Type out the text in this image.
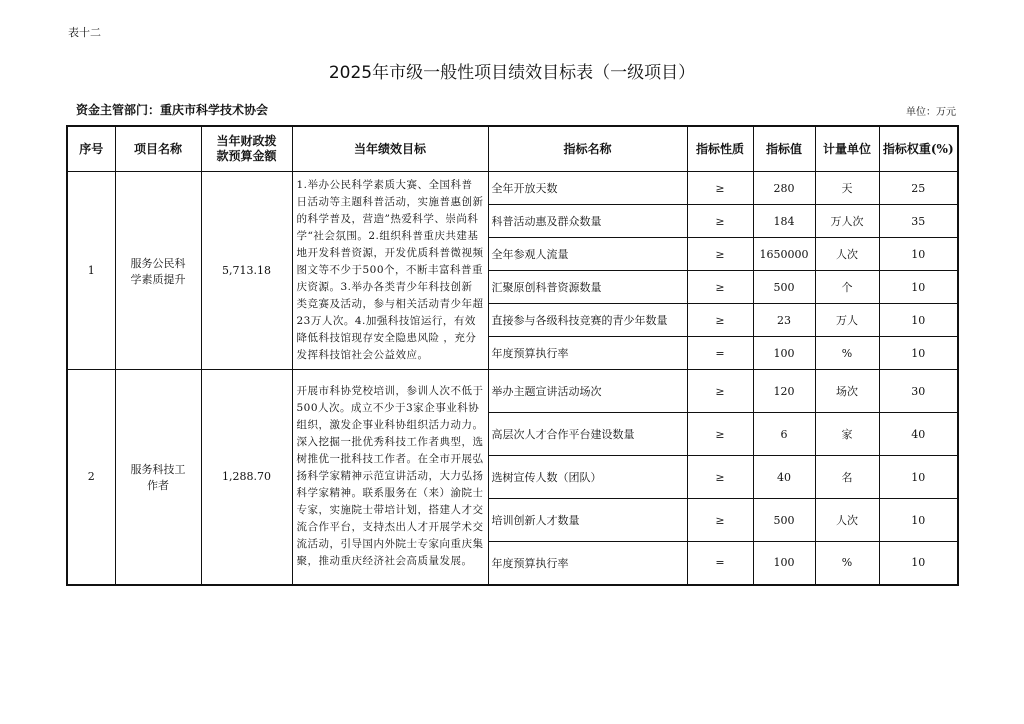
表十二
2025年市级一般性项目绩效目标表（一级项目）
资金主管部门：重庆市科学技术协会	单位：万元
序号	项目名称	当年财政拨款预算金额	当年绩效目标	指标名称	指标性质	指标值	计量单位	指标权重(%)
1	服务公民科学素质提升	5,713.18	1.举办公民科学素质大赛、全国科普日活动等主题科普活动，实施普惠创新的科学普及，营造”热爱科学、崇尚科学“社会氛围。2.组织科普重庆共建基地开发科普资源，开发优质科普微视频图文等不少于500个，不断丰富科普重庆资源。3.举办各类青少年科技创新类竞赛及活动，参与相关活动青少年超23万人次。4.加强科技馆运行，有效降低科技馆现存安全隐患风险 ，充分发挥科技馆社会公益效应。	全年开放天数	≥	280	天	25
				科普活动惠及群众数量	≥	184	万人次	35
				全年参观人流量	≥	1650000	人次	10
				汇聚原创科普资源数量	≥	500	个	10
				直接参与各级科技竞赛的青少年数量	≥	23	万人	10
				年度预算执行率	=	100	%	10
2	服务科技工作者	1,288.70	开展市科协党校培训，参训人次不低于500人次。成立不少于3家企事业科协组织，激发企事业科协组织活力动力。深入挖掘一批优秀科技工作者典型，选树推优一批科技工作者。在全市开展弘扬科学家精神示范宣讲活动，大力弘扬科学家精神。联系服务在（来）渝院士专家，实施院士带培计划，搭建人才交流合作平台，支持杰出人才开展学术交流活动，引导国内外院士专家向重庆集聚，推动重庆经济社会高质量发展。	举办主题宣讲活动场次	≥	120	场次	30
				高层次人才合作平台建设数量	≥	6	家	40
				选树宣传人数（团队）	≥	40	名	10
				培训创新人才数量	≥	500	人次	10
				年度预算执行率	=	100	%	10
